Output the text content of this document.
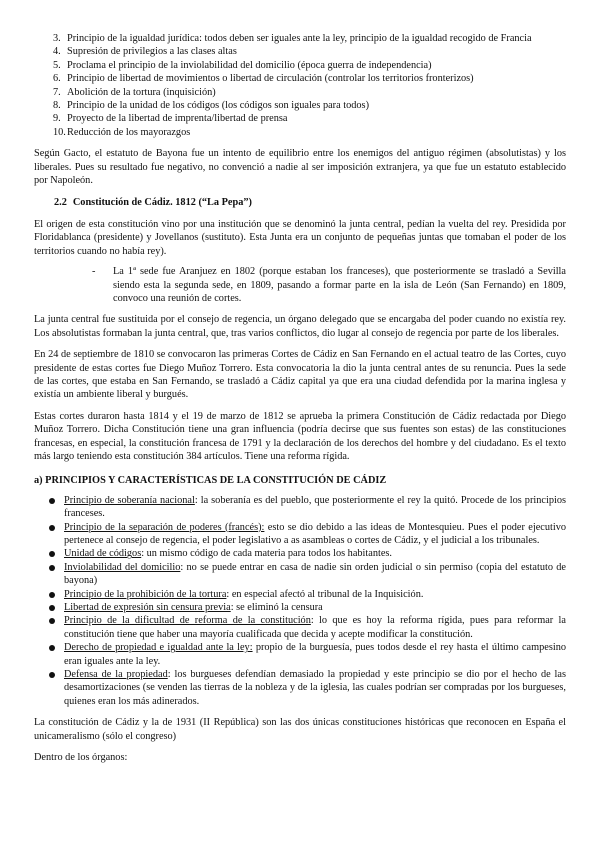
3. Principio de la igualdad jurídica: todos deben ser iguales ante la ley, principio de la igualdad recogido de Francia
4. Supresión de privilegios a las clases altas
5. Proclama el principio de la inviolabilidad del domicilio (época guerra de independencia)
6. Principio de libertad de movimientos o libertad de circulación (controlar los territorios fronterizos)
7. Abolición de la tortura (inquisición)
8. Principio de la unidad de los códigos (los códigos son iguales para todos)
9. Proyecto de la libertad de imprenta/libertad de prensa
10. Reducción de los mayorazgos

Según Gacto, el estatuto de Bayona fue un intento de equilibrio entre los enemigos del antiguo régimen (absolutistas) y los liberales. Pues su resultado fue negativo, no convenció a nadie al ser imposición extranjera, ya que fue un estatuto establecido por Napoleón.

2.2 Constitución de Cádiz. 1812 (“La Pepa”)

El origen de esta constitución vino por una institución que se denominó la junta central, pedían la vuelta del rey. Presidida por Floridablanca (presidente) y Jovellanos (sustituto). Esta Junta era un conjunto de pequeñas juntas que tomaban el poder de los territorios cuando no había rey).

- La 1ª sede fue Aranjuez en 1802 (porque estaban los franceses), que posteriormente se trasladó a Sevilla siendo esta la segunda sede, en 1809, pasando a formar parte en la isla de León (San Fernando) en 1809, convoco una reunión de cortes.

La junta central fue sustituida por el consejo de regencia, un órgano delegado que se encargaba del poder cuando no existía rey. Los absolutistas formaban la junta central, que, tras varios conflictos, dio lugar al consejo de regencia por parte de los liberales.

En 24 de septiembre de 1810 se convocaron las primeras Cortes de Cádiz en San Fernando en el actual teatro de las Cortes, cuyo presidente de estas cortes fue Diego Muñoz Torrero. Esta convocatoria la dio la junta central antes de su renuncia. Pues la sede de las cortes, que estaba en San Fernando, se trasladó a Cádiz capital ya que era una ciudad defendida por la marina inglesa y existía un ambiente liberal y burgués.

Estas cortes duraron hasta 1814 y el 19 de marzo de 1812 se aprueba la primera Constitución de Cádiz redactada por Diego Muñoz Torrero. Dicha Constitución tiene una gran influencia (podría decirse que sus fuentes son estas) de las constituciones francesas, en especial, la constitución francesa de 1791 y la declaración de los derechos del hombre y del ciudadano. Es el texto más largo teniendo esta constitución 384 artículos. Tiene una reforma rígida.

a) PRINCIPIOS Y CARACTERÍSTICAS DE LA CONSTITUCIÓN DE CÁDIZ
Principio de soberanía nacional: la soberanía es del pueblo, que posteriormente el rey la quitó. Procede de los principios franceses.
Principio de la separación de poderes (francés): esto se dio debido a las ideas de Montesquieu. Pues el poder ejecutivo pertenece al consejo de regencia, el poder legislativo a as asambleas o cortes de Cádiz, y el judicial a los tribunales.
Unidad de códigos: un mismo código de cada materia para todos los habitantes.
Inviolabilidad del domicilio: no se puede entrar en casa de nadie sin orden judicial o sin permiso (copia del estatuto de bayona)
Principio de la prohibición de la tortura: en especial afectó al tribunal de la Inquisición.
Libertad de expresión sin censura previa: se eliminó la censura
Principio de la dificultad de reforma de la constitución: lo que es hoy la reforma rígida, pues para reformar la constitución tiene que haber una mayoría cualificada que decida y acepte modificar la constitución.
Derecho de propiedad e igualdad ante la ley: propio de la burguesía, pues todos desde el rey hasta el último campesino eran iguales ante la ley.
Defensa de la propiedad: los burgueses defendían demasiado la propiedad y este principio se dio por el hecho de las desamortizaciones (se venden las tierras de la nobleza y de la iglesia, las cuales podrían ser compradas por los burgueses, quienes eran los más adinerados.

La constitución de Cádiz y la de 1931 (II República) son las dos únicas constituciones históricas que reconocen en España el unicameralismo (sólo el congreso)

Dentro de los órganos:
